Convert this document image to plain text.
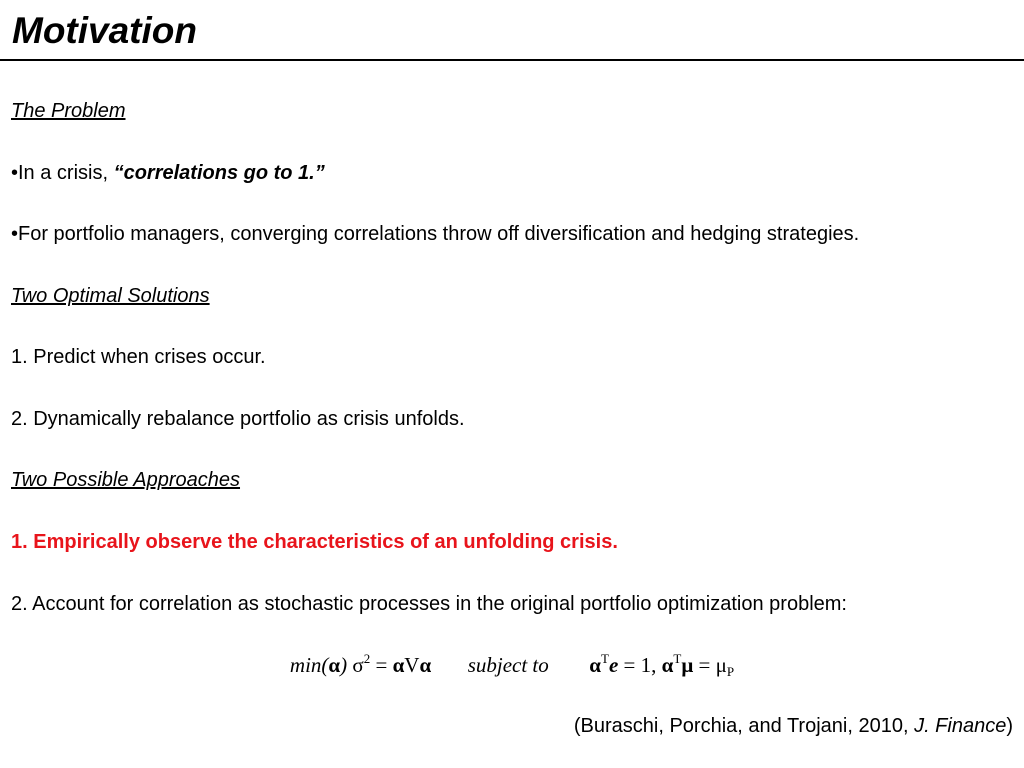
Motivation
The Problem
•In a crisis, “correlations go to 1.”
•For portfolio managers, converging correlations throw off diversification and hedging strategies.
Two Optimal Solutions
1. Predict when crises occur.
2. Dynamically rebalance portfolio as crisis unfolds.
Two Possible Approaches
1. Empirically observe the characteristics of an unfolding crisis.
2. Account for correlation as stochastic processes in the original portfolio optimization problem:
min(α) $\sigma^2 = \alpha V\alpha$ subject to $\alpha^Te = 1$, $\alpha^T\mu = \mu_P$
(Buraschi, Porchia, and Trojani, 2010, J. Finance)
